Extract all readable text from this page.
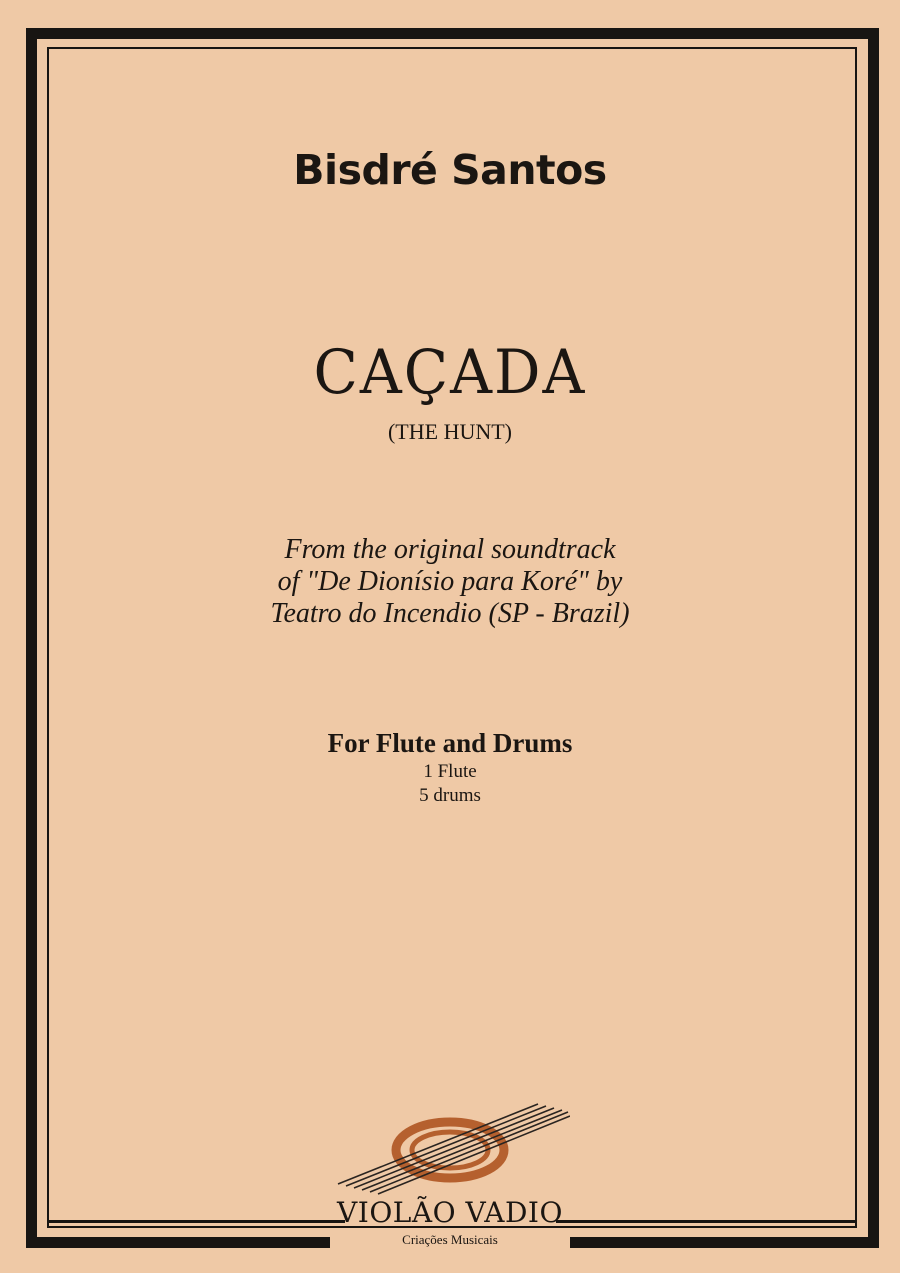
Bisdré Santos
CAÇADA
(THE HUNT)
From the original soundtrack
of "De Dionísio para Koré" by
Teatro do Incendio (SP - Brazil)
For Flute and Drums
1 Flute
5 drums
VIOLÃO VADIO
Criações Musicais
